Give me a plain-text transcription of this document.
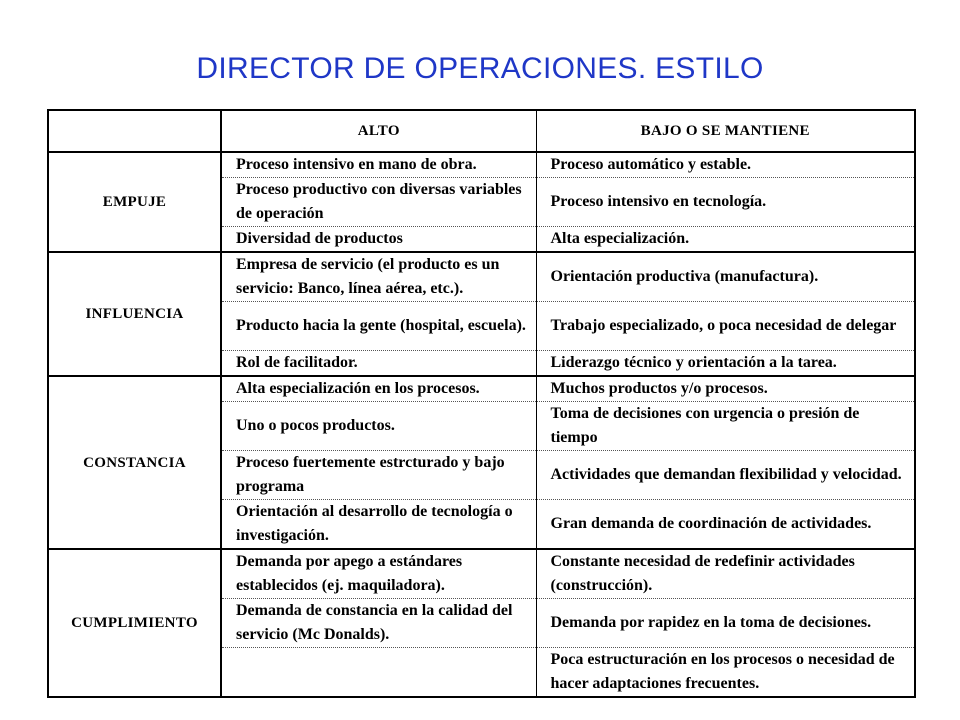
DIRECTOR DE OPERACIONES. ESTILO
	ALTO	BAJO O SE MANTIENE
EMPUJE	Proceso intensivo en mano de obra.	Proceso automático y estable.
	Proceso productivo con diversas variables de operación	Proceso intensivo en tecnología.
	Diversidad de productos	Alta especialización.
INFLUENCIA	Empresa de servicio (el producto es un servicio: Banco, línea aérea, etc.).	Orientación productiva (manufactura).
	Producto hacia la gente (hospital, escuela).	Trabajo especializado, o poca necesidad de delegar
	Rol de facilitador.	Liderazgo técnico y orientación a la tarea.
CONSTANCIA	Alta especialización en los procesos.	Muchos productos y/o procesos.
	Uno o pocos productos.	Toma de decisiones con urgencia o presión de tiempo
	Proceso fuertemente estrcturado y bajo programa	Actividades que demandan flexibilidad y velocidad.
	Orientación al desarrollo de tecnología o investigación.	Gran demanda de coordinación de actividades.
CUMPLIMIENTO	Demanda por apego a estándares establecidos (ej. maquiladora).	Constante necesidad de redefinir actividades (construcción).
	Demanda de constancia en la calidad del servicio (Mc Donalds).	Demanda por rapidez en la toma de decisiones.
		Poca estructuración en los procesos o necesidad de hacer adaptaciones frecuentes.
